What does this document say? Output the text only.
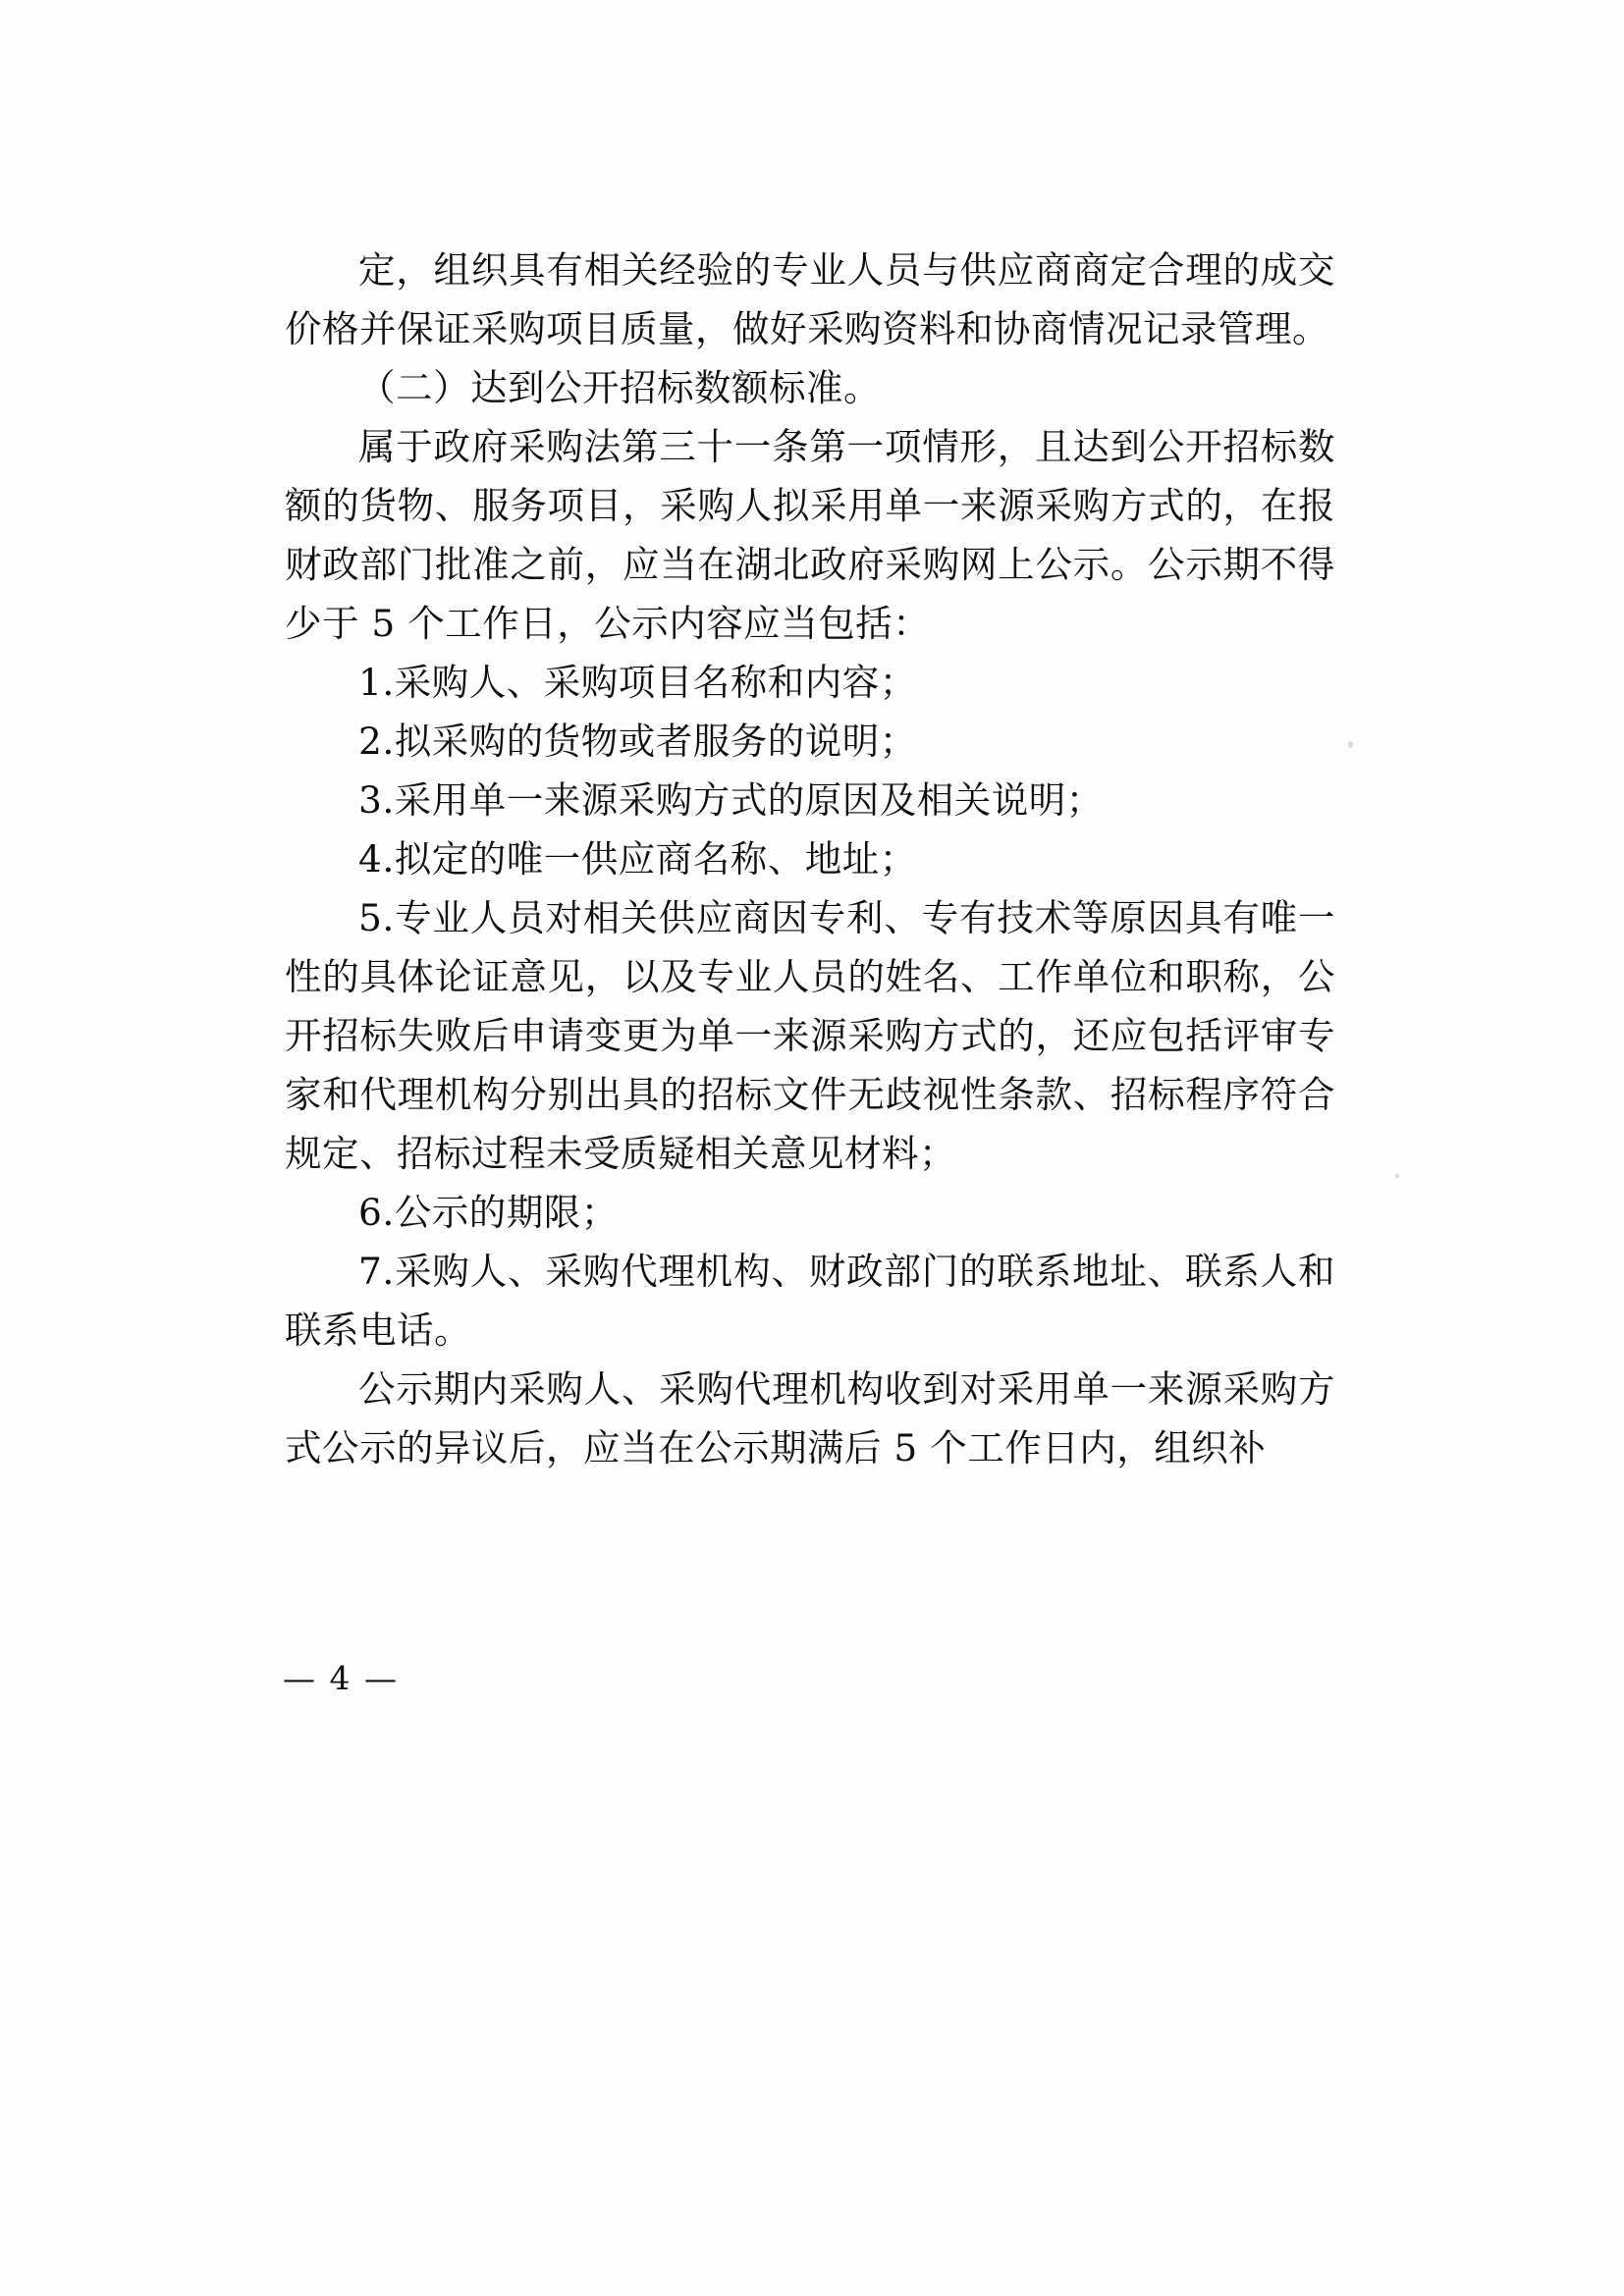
定，组织具有相关经验的专业人员与供应商商定合理的成交价格并保证采购项目质量，做好采购资料和协商情况记录管理。

（二）达到公开招标数额标准。

属于政府采购法第三十一条第一项情形，且达到公开招标数额的货物、服务项目，采购人拟采用单一来源采购方式的，在报财政部门批准之前，应当在湖北政府采购网上公示。公示期不得少于 5 个工作日，公示内容应当包括：

1.采购人、采购项目名称和内容；

2.拟采购的货物或者服务的说明；

3.采用单一来源采购方式的原因及相关说明；

4.拟定的唯一供应商名称、地址；

5.专业人员对相关供应商因专利、专有技术等原因具有唯一性的具体论证意见，以及专业人员的姓名、工作单位和职称，公开招标失败后申请变更为单一来源采购方式的，还应包括评审专家和代理机构分别出具的招标文件无歧视性条款、招标程序符合规定、招标过程未受质疑相关意见材料；

6.公示的期限；

7.采购人、采购代理机构、财政部门的联系地址、联系人和联系电话。

公示期内采购人、采购代理机构收到对采用单一来源采购方式公示的异议后，应当在公示期满后 5 个工作日内，组织补

— 4 —
